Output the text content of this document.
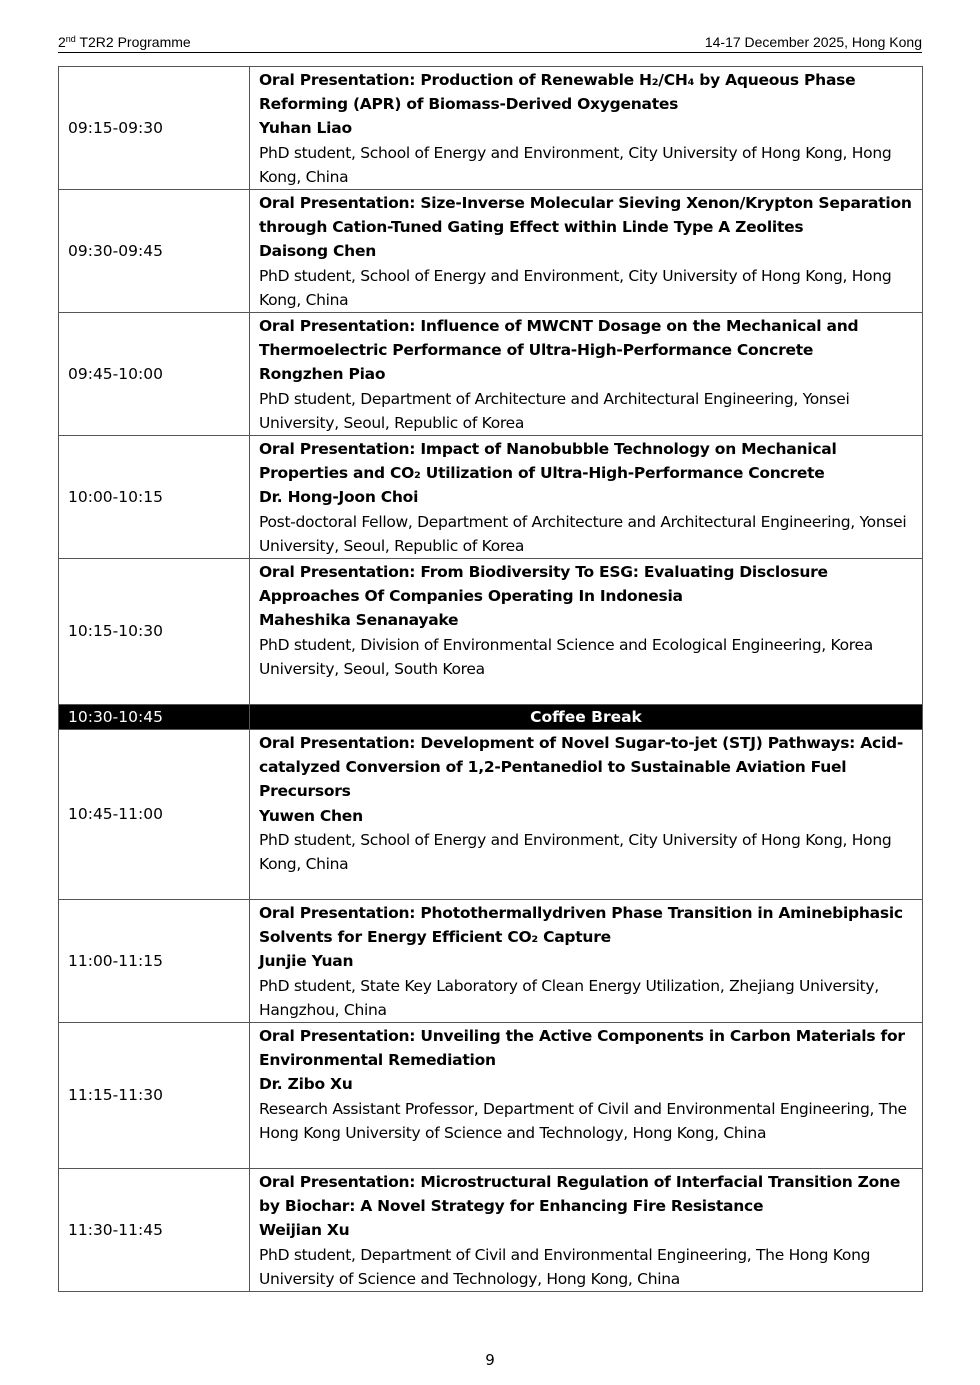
2nd T2R2 Programme	14-17 December 2025, Hong Kong
09:15-09:30	Oral Presentation: Production of Renewable H₂/CH₄ by Aqueous Phase Reforming (APR) of Biomass-Derived Oxygenates
Yuhan Liao
PhD student, School of Energy and Environment, City University of Hong Kong, Hong Kong, China

09:30-09:45	Oral Presentation: Size-Inverse Molecular Sieving Xenon/Krypton Separation through Cation-Tuned Gating Effect within Linde Type A Zeolites
Daisong Chen
PhD student, School of Energy and Environment, City University of Hong Kong, Hong Kong, China

09:45-10:00	Oral Presentation: Influence of MWCNT Dosage on the Mechanical and Thermoelectric Performance of Ultra-High-Performance Concrete
Rongzhen Piao
PhD student, Department of Architecture and Architectural Engineering, Yonsei University, Seoul, Republic of Korea

10:00-10:15	Oral Presentation: Impact of Nanobubble Technology on Mechanical Properties and CO₂ Utilization of Ultra-High-Performance Concrete
Dr. Hong-Joon Choi
Post-doctoral Fellow, Department of Architecture and Architectural Engineering, Yonsei University, Seoul, Republic of Korea

10:15-10:30	Oral Presentation: From Biodiversity To ESG: Evaluating Disclosure Approaches Of Companies Operating In Indonesia
Maheshika Senanayake
PhD student, Division of Environmental Science and Ecological Engineering, Korea University, Seoul, South Korea

10:30-10:45	Coffee Break
10:45-11:00	Oral Presentation: Development of Novel Sugar-to-jet (STJ) Pathways: Acid-catalyzed Conversion of 1,2-Pentanediol to Sustainable Aviation Fuel Precursors
Yuwen Chen
PhD student, School of Energy and Environment, City University of Hong Kong, Hong Kong, China

11:00-11:15	Oral Presentation: Photothermallydriven Phase Transition in Aminebiphasic Solvents for Energy Efficient CO₂ Capture
Junjie Yuan
PhD student, State Key Laboratory of Clean Energy Utilization, Zhejiang University, Hangzhou, China

11:15-11:30	Oral Presentation: Unveiling the Active Components in Carbon Materials for Environmental Remediation
Dr. Zibo Xu
Research Assistant Professor, Department of Civil and Environmental Engineering, The Hong Kong University of Science and Technology, Hong Kong, China

11:30-11:45	Oral Presentation: Microstructural Regulation of Interfacial Transition Zone by Biochar: A Novel Strategy for Enhancing Fire Resistance
Weijian Xu
PhD student, Department of Civil and Environmental Engineering, The Hong Kong University of Science and Technology, Hong Kong, China
9
